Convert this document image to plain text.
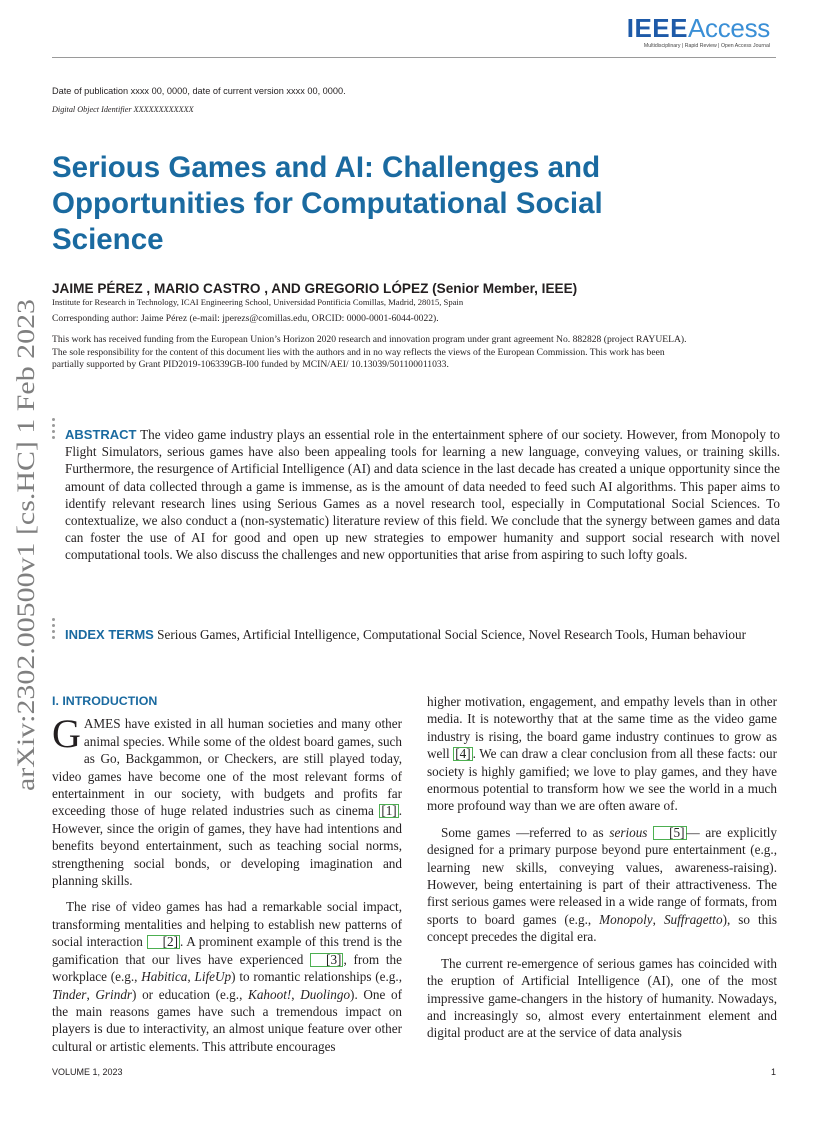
IEEEAccess
Multidisciplinary | Rapid Review | Open Access Journal
Date of publication xxxx 00, 0000, date of current version xxxx 00, 0000.
Digital Object Identifier XXXXXXXXXXXX
arXiv:2302.00500v1 [cs.HC] 1 Feb 2023
Serious Games and AI: Challenges and Opportunities for Computational Social Science
JAIME PÉREZ , MARIO CASTRO , AND GREGORIO LÓPEZ (Senior Member, IEEE)
Institute for Research in Technology, ICAI Engineering School, Universidad Pontificia Comillas, Madrid, 28015, Spain
Corresponding author: Jaime Pérez (e-mail: jperezs@comillas.edu, ORCID: 0000-0001-6044-0022).
This work has received funding from the European Union’s Horizon 2020 research and innovation program under grant agreement No. 882828 (project RAYUELA). The sole responsibility for the content of this document lies with the authors and in no way reflects the views of the European Commission. This work has been partially supported by Grant PID2019-106339GB-I00 funded by MCIN/AEI/ 10.13039/501100011033.
ABSTRACT The video game industry plays an essential role in the entertainment sphere of our society. However, from Monopoly to Flight Simulators, serious games have also been appealing tools for learning a new language, conveying values, or training skills. Furthermore, the resurgence of Artificial Intelligence (AI) and data science in the last decade has created a unique opportunity since the amount of data collected through a game is immense, as is the amount of data needed to feed such AI algorithms. This paper aims to identify relevant research lines using Serious Games as a novel research tool, especially in Computational Social Sciences. To contextualize, we also conduct a (non-systematic) literature review of this field. We conclude that the synergy between games and data can foster the use of AI for good and open up new strategies to empower humanity and support social research with novel computational tools. We also discuss the challenges and new opportunities that arise from aspiring to such lofty goals.
INDEX TERMS Serious Games, Artificial Intelligence, Computational Social Science, Novel Research Tools, Human behaviour
I. INTRODUCTION

GAMES have existed in all human societies and many other animal species. While some of the oldest board games, such as Go, Backgammon, or Checkers, are still played today, video games have become one of the most relevant forms of entertainment in our society, with budgets and profits far exceeding those of huge related industries such as cinema [1] . However, since the origin of games, they have had intentions and benefits beyond entertainment, such as teaching social norms, strengthening social bonds, or developing imagination and planning skills.

The rise of video games has had a remarkable social impact, transforming mentalities and helping to establish new patterns of social interaction [2] . A prominent example of this trend is the gamification that our lives have experienced [3] , from the workplace (e.g., Habitica, LifeUp) to romantic relationships (e.g., Tinder, Grindr) or education (e.g., Kahoot!, Duolingo). One of the main reasons games have such a tremendous impact on players is due to interactivity, an almost unique feature over other cultural or artistic elements. This attribute encourages

higher motivation, engagement, and empathy levels than in other media. It is noteworthy that at the same time as the video game industry is rising, the board game industry continues to grow as well [4] . We can draw a clear conclusion from all these facts: our society is highly gamified; we love to play games, and they have enormous potential to transform how we see the world in a much more profound way than we are often aware of.

Some games —referred to as serious [5] — are explicitly designed for a primary purpose beyond pure entertainment (e.g., learning new skills, conveying values, awareness-raising). However, being entertaining is part of their attractiveness. The first serious games were released in a wide range of formats, from sports to board games (e.g., Monopoly, Suffragetto), so this concept precedes the digital era.

The current re-emergence of serious games has coincided with the eruption of Artificial Intelligence (AI), one of the most impressive game-changers in the history of humanity. Nowadays, and increasingly so, almost every entertainment element and digital product are at the service of data analysis

VOLUME 1, 2023	1
